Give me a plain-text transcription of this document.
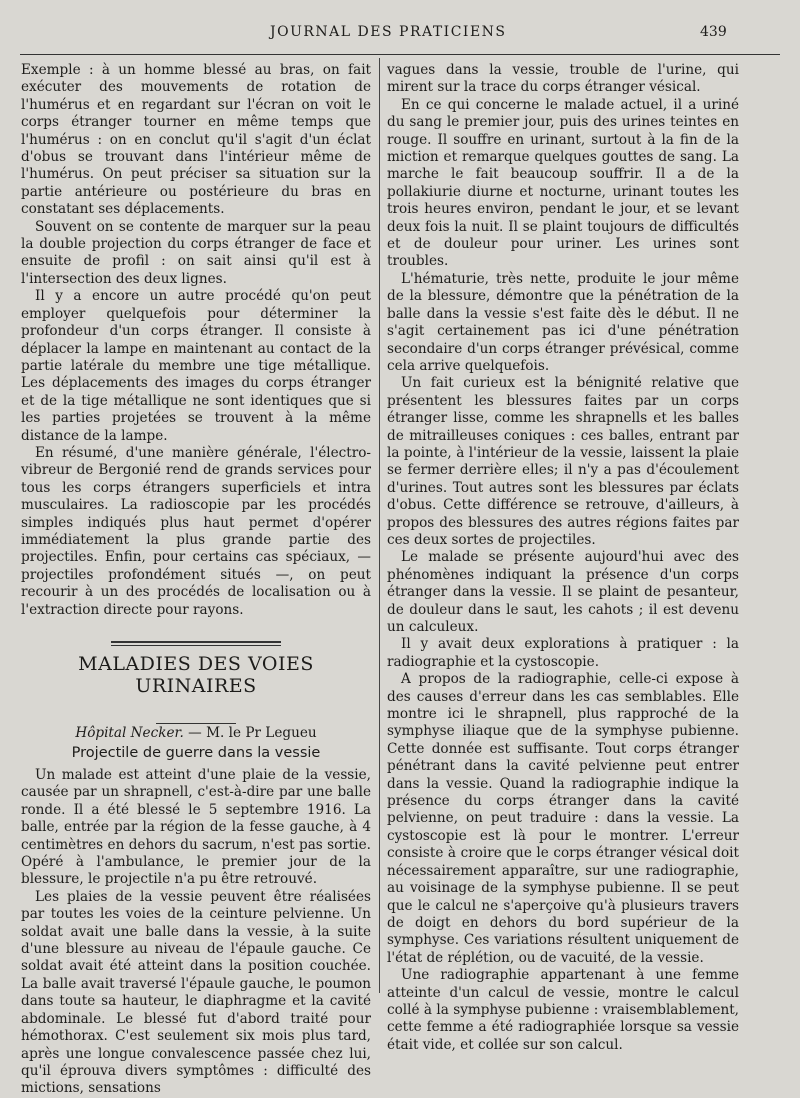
JOURNAL DES PRATICIENS	439

Exemple : à un homme blessé au bras, on fait exécuter des mouvements de rotation de l'humérus et en regardant sur l'écran on voit le corps étranger tourner en même temps que l'humérus : on en conclut qu'il s'agit d'un éclat d'obus se trouvant dans l'intérieur même de l'humérus. On peut préciser sa situation sur la partie antérieure ou postérieure du bras en constatant ses déplacements.

Souvent on se contente de marquer sur la peau la double projection du corps étranger de face et ensuite de profil : on sait ainsi qu'il est à l'intersection des deux lignes.

Il y a encore un autre procédé qu'on peut employer quelquefois pour déterminer la profondeur d'un corps étranger. Il consiste à déplacer la lampe en maintenant au contact de la partie latérale du membre une tige métallique. Les déplacements des images du corps étranger et de la tige métallique ne sont identiques que si les parties projetées se trouvent à la même distance de la lampe.

En résumé, d'une manière générale, l'électro-vibreur de Bergonié rend de grands services pour tous les corps étrangers superficiels et intra musculaires. La radioscopie par les procédés simples indiqués plus haut permet d'opérer immédiatement la plus grande partie des projectiles. Enfin, pour certains cas spéciaux, — projectiles profondément situés —, on peut recourir à un des procédés de localisation ou à l'extraction directe pour rayons.

MALADIES DES VOIES URINAIRES
Hôpital Necker. — M. le Pr Legueu
Projectile de guerre dans la vessie

Un malade est atteint d'une plaie de la vessie, causée par un shrapnell, c'est-à-dire par une balle ronde. Il a été blessé le 5 septembre 1916. La balle, entrée par la région de la fesse gauche, à 4 centimètres en dehors du sacrum, n'est pas sortie. Opéré à l'ambulance, le premier jour de la blessure, le projectile n'a pu être retrouvé.

Les plaies de la vessie peuvent être réalisées par toutes les voies de la ceinture pelvienne. Un soldat avait une balle dans la vessie, à la suite d'une blessure au niveau de l'épaule gauche. Ce soldat avait été atteint dans la position couchée. La balle avait traversé l'épaule gauche, le poumon dans toute sa hauteur, le diaphragme et la cavité abdominale. Le blessé fut d'abord traité pour hémothorax. C'est seulement six mois plus tard, après une longue convalescence passée chez lui, qu'il éprouva divers symptômes : difficulté des mictions, sensations

vagues dans la vessie, trouble de l'urine, qui mirent sur la trace du corps étranger vésical.

En ce qui concerne le malade actuel, il a uriné du sang le premier jour, puis des urines teintes en rouge. Il souffre en urinant, surtout à la fin de la miction et remarque quelques gouttes de sang. La marche le fait beaucoup souffrir. Il a de la pollakiurie diurne et nocturne, urinant toutes les trois heures environ, pendant le jour, et se levant deux fois la nuit. Il se plaint toujours de difficultés et de douleur pour uriner. Les urines sont troubles.

L'hématurie, très nette, produite le jour même de la blessure, démontre que la pénétration de la balle dans la vessie s'est faite dès le début. Il ne s'agit certainement pas ici d'une pénétration secondaire d'un corps étranger prévésical, comme cela arrive quelquefois.

Un fait curieux est la bénignité relative que présentent les blessures faites par un corps étranger lisse, comme les shrapnells et les balles de mitrailleuses coniques : ces balles, entrant par la pointe, à l'intérieur de la vessie, laissent la plaie se fermer derrière elles; il n'y a pas d'écoulement d'urines. Tout autres sont les blessures par éclats d'obus. Cette différence se retrouve, d'ailleurs, à propos des blessures des autres régions faites par ces deux sortes de projectiles.

Le malade se présente aujourd'hui avec des phénomènes indiquant la présence d'un corps étranger dans la vessie. Il se plaint de pesanteur, de douleur dans le saut, les cahots ; il est devenu un calculeux.

Il y avait deux explorations à pratiquer : la radiographie et la cystoscopie.

A propos de la radiographie, celle-ci expose à des causes d'erreur dans les cas semblables. Elle montre ici le shrapnell, plus rapproché de la symphyse iliaque que de la symphyse pubienne. Cette donnée est suffisante. Tout corps étranger pénétrant dans la cavité pelvienne peut entrer dans la vessie. Quand la radiographie indique la présence du corps étranger dans la cavité pelvienne, on peut traduire : dans la vessie. La cystoscopie est là pour le montrer. L'erreur consiste à croire que le corps étranger vésical doit nécessairement apparaître, sur une radiographie, au voisinage de la symphyse pubienne. Il se peut que le calcul ne s'aperçoive qu'à plusieurs travers de doigt en dehors du bord supérieur de la symphyse. Ces variations résultent uniquement de l'état de réplétion, ou de vacuité, de la vessie.

Une radiographie appartenant à une femme atteinte d'un calcul de vessie, montre le calcul collé à la symphyse pubienne : vraisemblablement, cette femme a été radiographiée lorsque sa vessie était vide, et collée sur son calcul.
